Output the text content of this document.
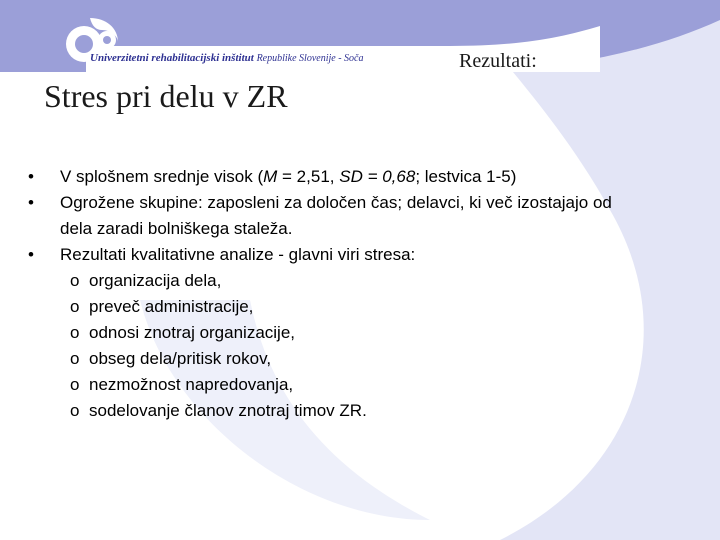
Univerzitetni rehabilitacijski inštitut Republike Slovenije - Soča	Rezultati:
Stres pri delu v ZR
• V splošnem srednje visok (M = 2,51, SD = 0,68; lestvica 1-5)
• Ogrožene skupine: zaposleni za določen čas; delavci, ki več izostajajo od dela zaradi bolniškega staleža.
• Rezultati kvalitativne analize - glavni viri stresa:
o organizacija dela,
o preveč administracije,
o odnosi znotraj organizacije,
o obseg dela/pritisk rokov,
o nezmožnost napredovanja,
o sodelovanje članov znotraj timov ZR.
